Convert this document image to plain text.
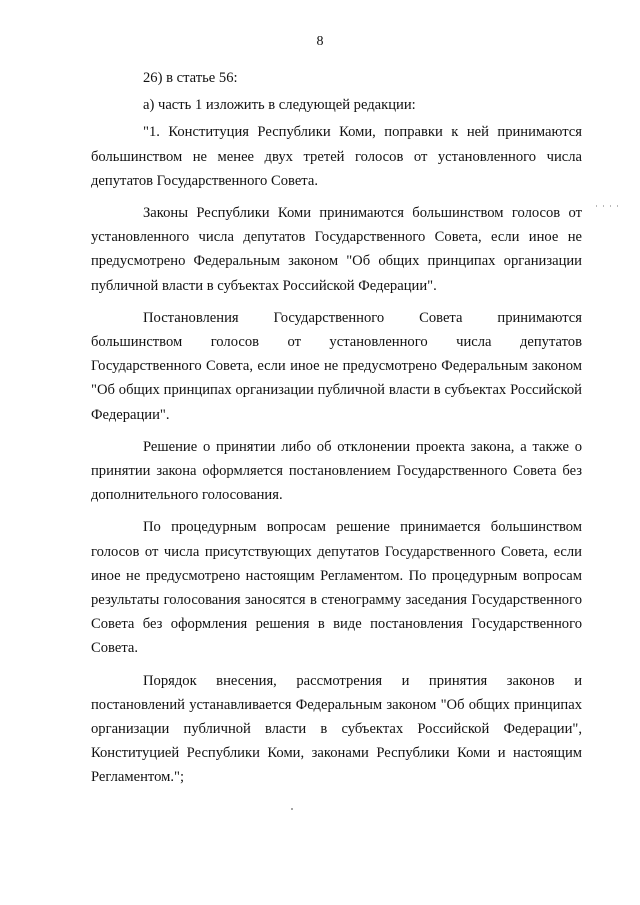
8

26) в статье 56:

а) часть 1 изложить в следующей редакции:

"1. Конституция Республики Коми, поправки к ней принимаются большинством не менее двух третей голосов от установленного числа депутатов Государственного Совета.

Законы Республики Коми принимаются большинством голосов от установленного числа депутатов Государственного Совета, если иное не предусмотрено Федеральным законом "Об общих принципах организации публичной власти в субъектах Российской Федерации".

Постановления Государственного Совета принимаются большинством голосов от установленного числа депутатов
Государственного Совета, если иное не предусмотрено Федеральным законом "Об общих принципах организации публичной власти в субъектах Российской Федерации".

Решение о принятии либо об отклонении проекта закона, а также о принятии закона оформляется постановлением Государственного Совета без дополнительного голосования.

По процедурным вопросам решение принимается большинством голосов от числа присутствующих депутатов Государственного Совета, если иное не предусмотрено настоящим Регламентом. По процедурным вопросам результаты голосования заносятся в стенограмму заседания Государственного Совета без оформления решения в виде постановления Государственного Совета.

Порядок внесения, рассмотрения и принятия законов и постановлений устанавливается Федеральным законом "Об общих принципах организации публичной власти в субъектах Российской Федерации", Конституцией Республики Коми, законами Республики Коми и настоящим Регламентом.";
